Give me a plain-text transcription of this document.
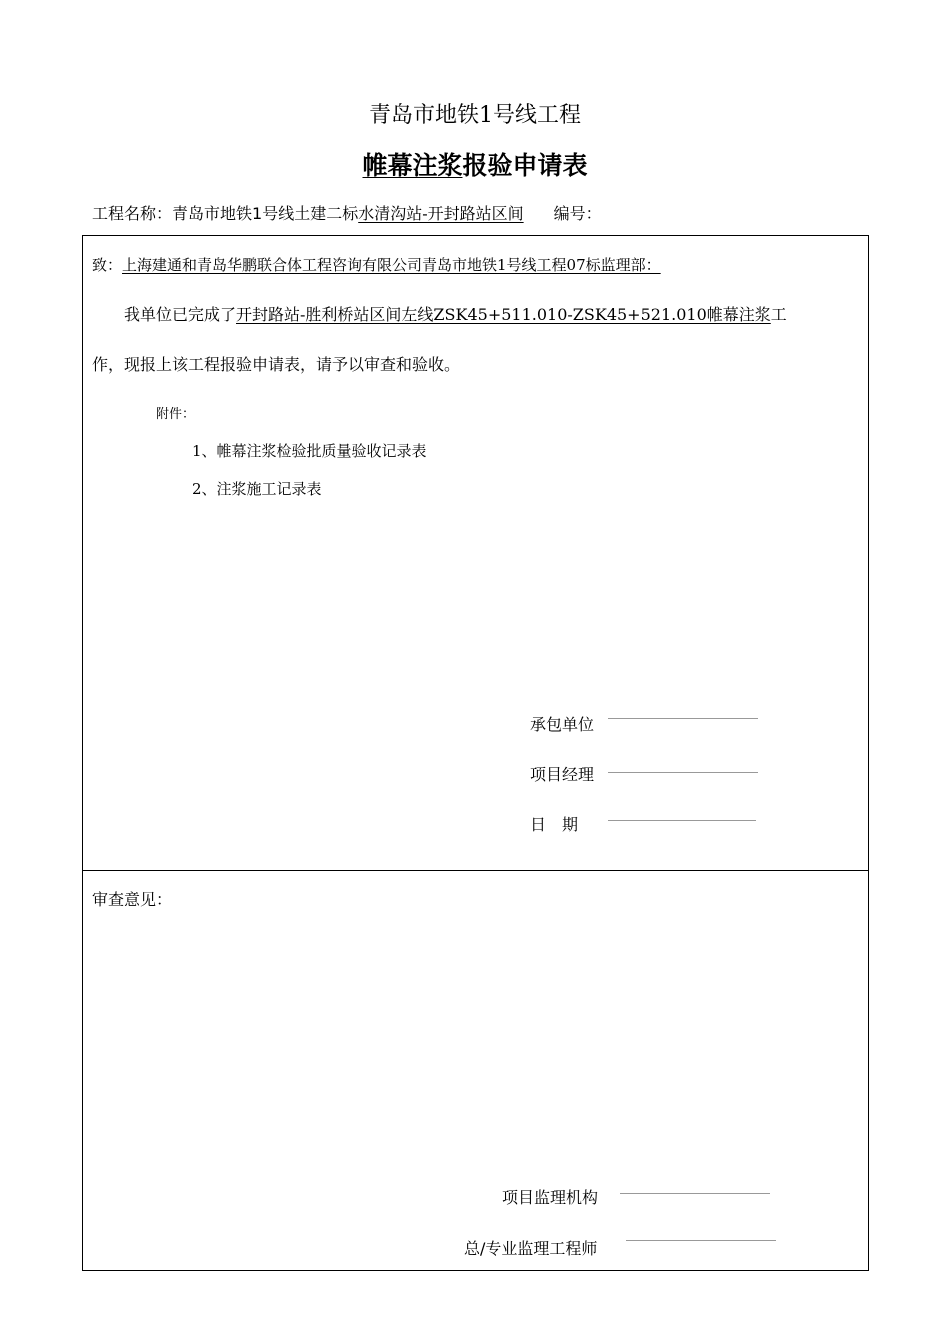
青岛市地铁1号线工程
帷幕注浆报验申请表
工程名称：青岛市地铁1号线土建二标水清沟站-开封路站区间 编号：
致：上海建通和青岛华鹏联合体工程咨询有限公司青岛市地铁1号线工程07标监理部：
我单位已完成了开封路站-胜利桥站区间左线ZSK45+511.010-ZSK45+521.010帷幕注浆工
作，现报上该工程报验申请表，请予以审查和验收。
附件：
1、帷幕注浆检验批质量验收记录表
2、注浆施工记录表
承包单位
项目经理
日　期
审查意见：
项目监理机构
总/专业监理工程师
